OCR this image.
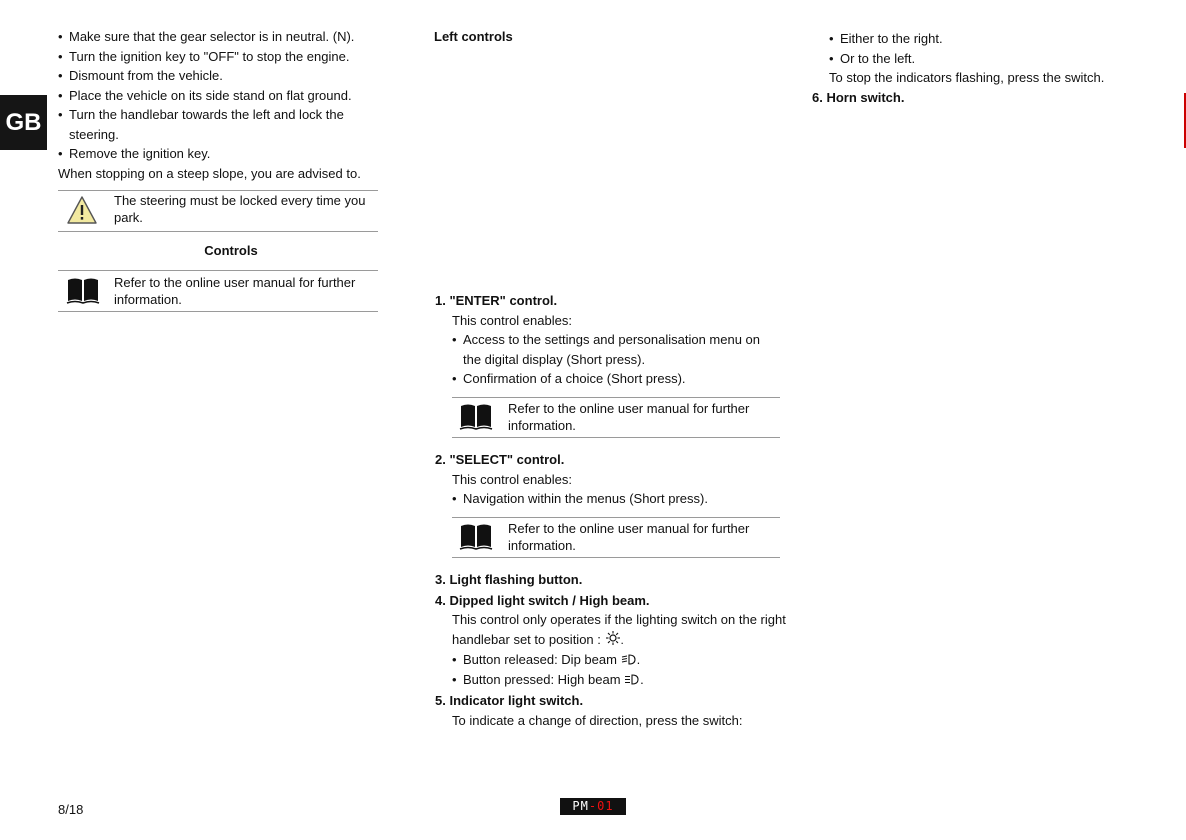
GB
• Make sure that the gear selector is in neutral. (N).
• Turn the ignition key to "OFF" to stop the engine.
• Dismount from the vehicle.
• Place the vehicle on its side stand on flat ground.
• Turn the handlebar towards the left and lock the steering.
• Remove the ignition key.
When stopping on a steep slope, you are advised to.
The steering must be locked every time you park.
Controls
Refer to the online user manual for further information.
Left controls
1. "ENTER" control.
This control enables:
• Access to the settings and personalisation menu on the digital display (Short press).
• Confirmation of a choice (Short press).
Refer to the online user manual for further information.
2. "SELECT" control.
This control enables:
• Navigation within the menus (Short press).
Refer to the online user manual for further information.
3. Light flashing button.
4. Dipped light switch / High beam.
This control only operates if the lighting switch on the right handlebar set to position : .
• Button released: Dip beam .
• Button pressed: High beam .
5. Indicator light switch.
To indicate a change of direction, press the switch:
• Either to the right.
• Or to the left.
To stop the indicators flashing, press the switch.
6. Horn switch.
8/18	PM-01
